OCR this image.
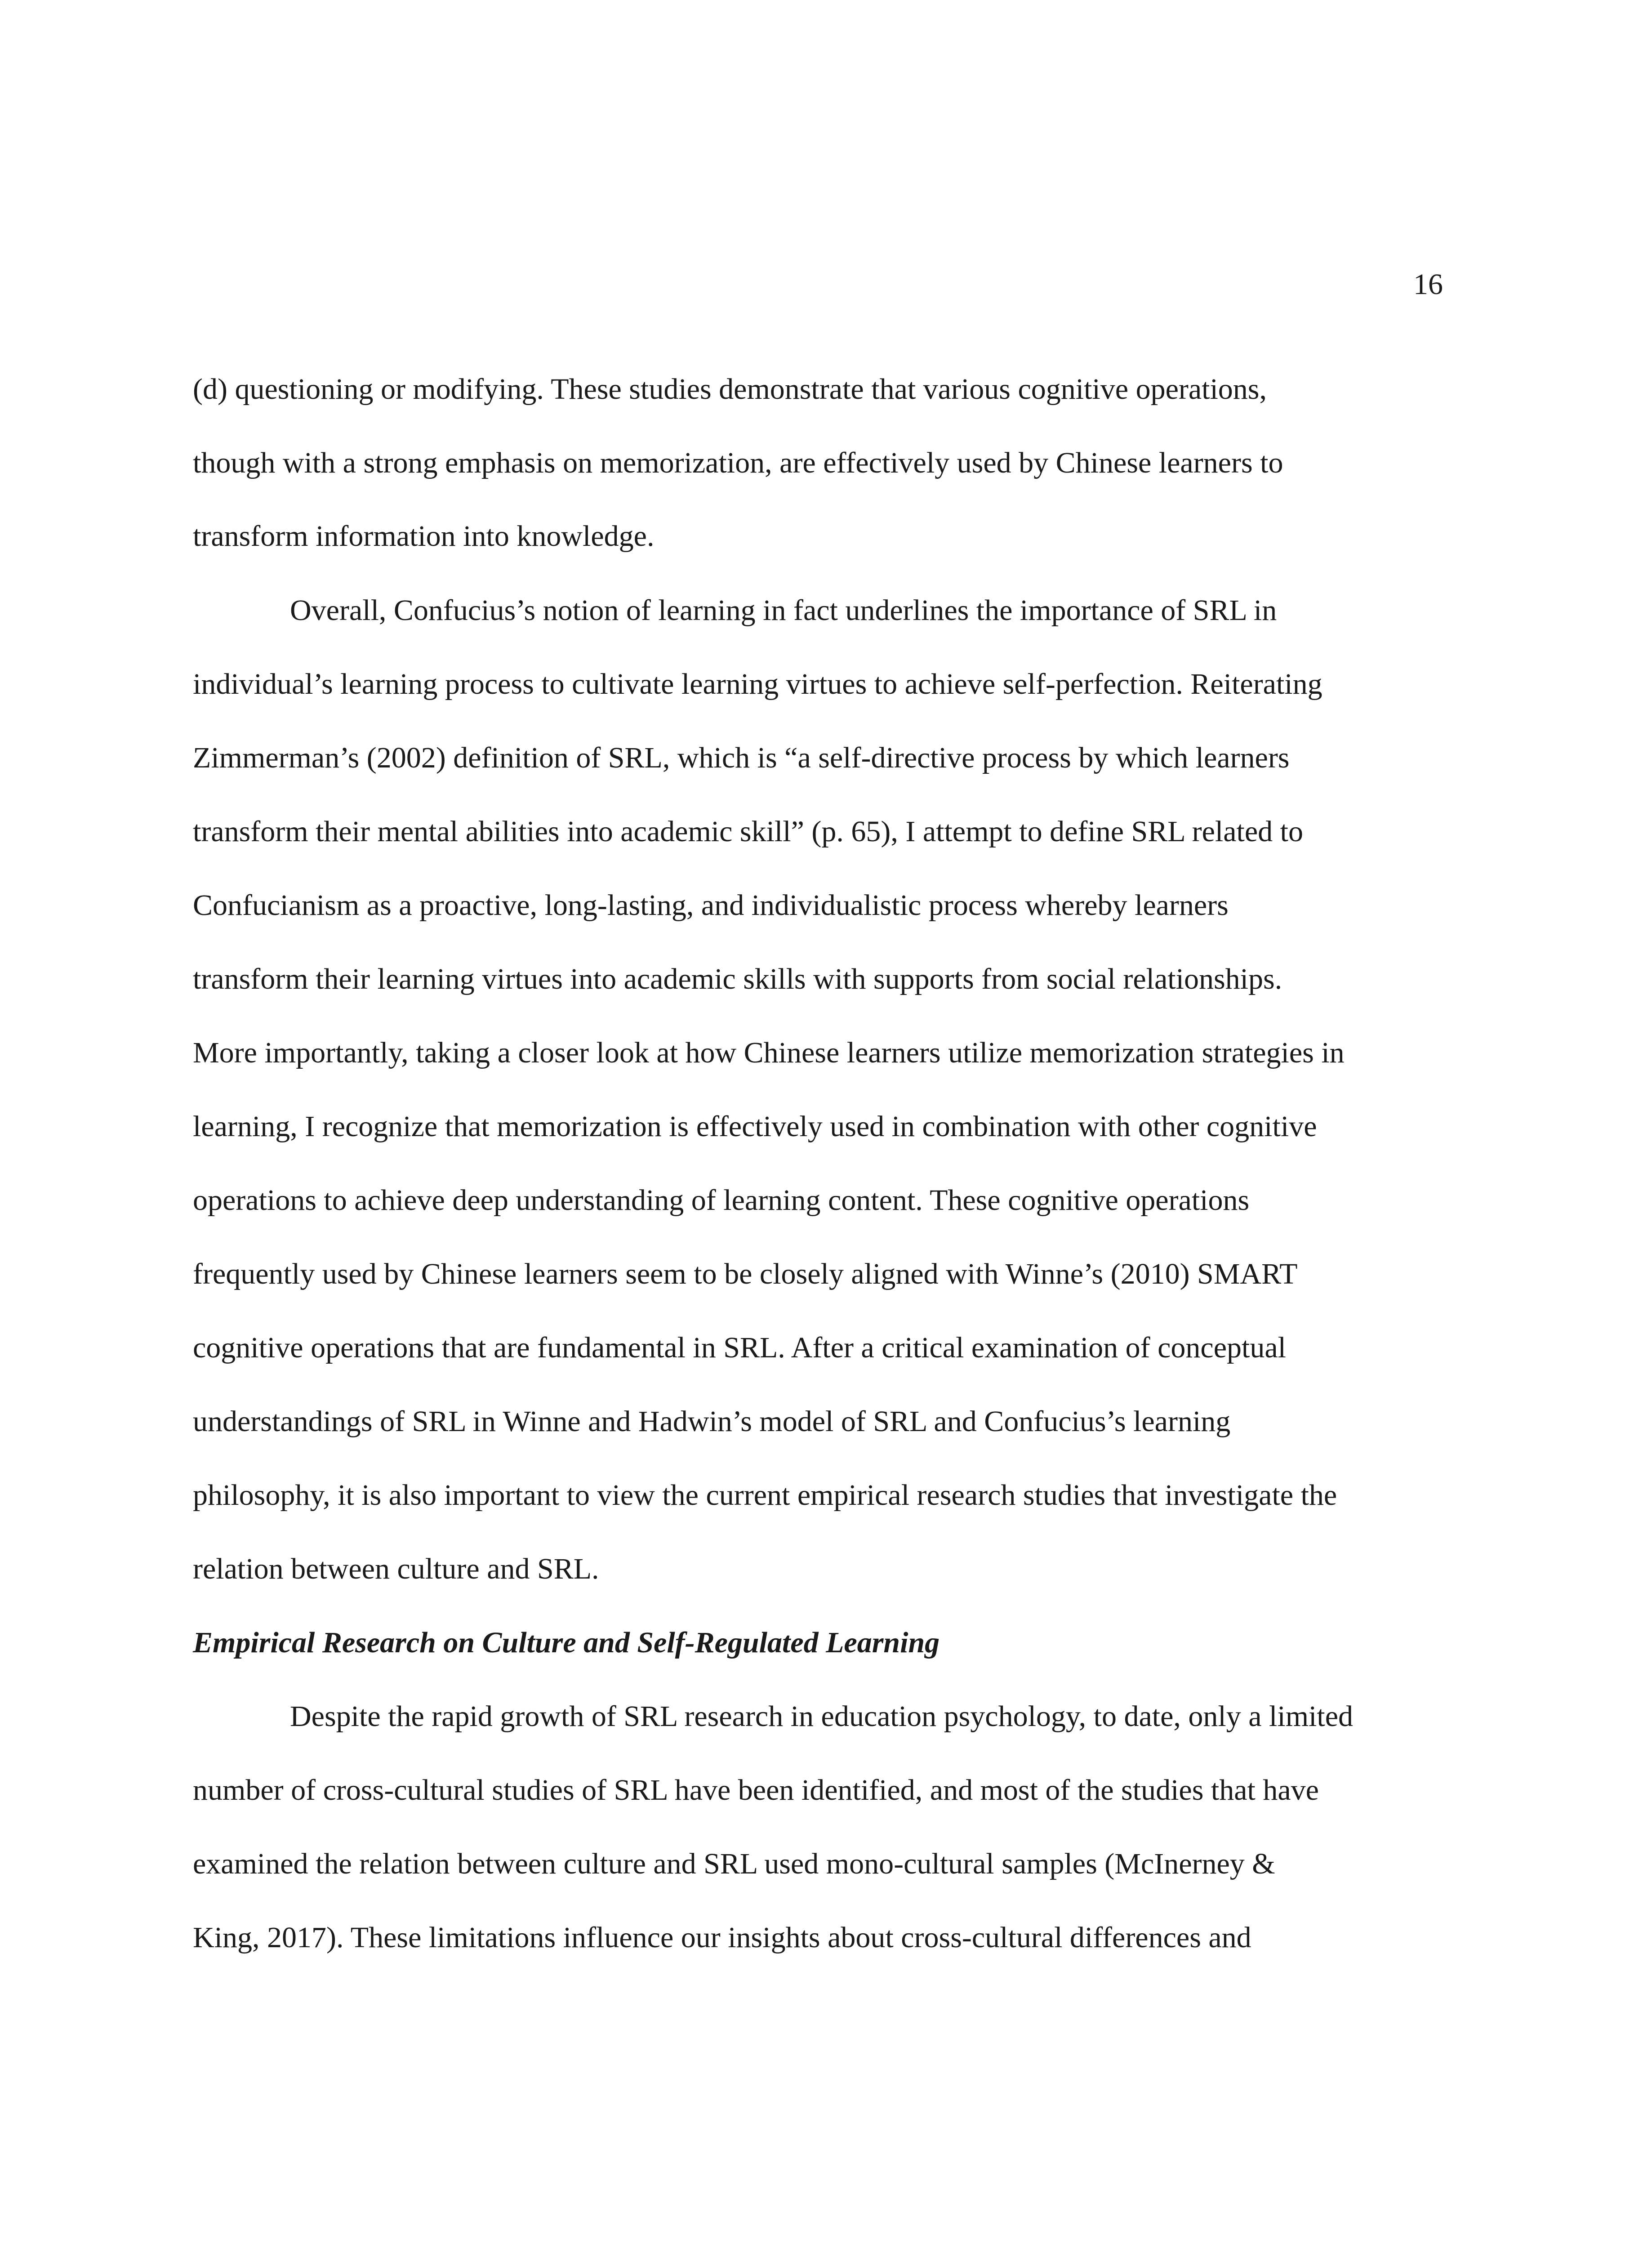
16
(d) questioning or modifying. These studies demonstrate that various cognitive operations,
though with a strong emphasis on memorization, are effectively used by Chinese learners to
transform information into knowledge.
Overall, Confucius’s notion of learning in fact underlines the importance of SRL in
individual’s learning process to cultivate learning virtues to achieve self-perfection. Reiterating
Zimmerman’s (2002) definition of SRL, which is “a self-directive process by which learners
transform their mental abilities into academic skill” (p. 65), I attempt to define SRL related to
Confucianism as a proactive, long-lasting, and individualistic process whereby learners
transform their learning virtues into academic skills with supports from social relationships.
More importantly, taking a closer look at how Chinese learners utilize memorization strategies in
learning, I recognize that memorization is effectively used in combination with other cognitive
operations to achieve deep understanding of learning content. These cognitive operations
frequently used by Chinese learners seem to be closely aligned with Winne’s (2010) SMART
cognitive operations that are fundamental in SRL. After a critical examination of conceptual
understandings of SRL in Winne and Hadwin’s model of SRL and Confucius’s learning
philosophy, it is also important to view the current empirical research studies that investigate the
relation between culture and SRL.
Empirical Research on Culture and Self-Regulated Learning
Despite the rapid growth of SRL research in education psychology, to date, only a limited
number of cross-cultural studies of SRL have been identified, and most of the studies that have
examined the relation between culture and SRL used mono-cultural samples (McInerney &
King, 2017). These limitations influence our insights about cross-cultural differences and
